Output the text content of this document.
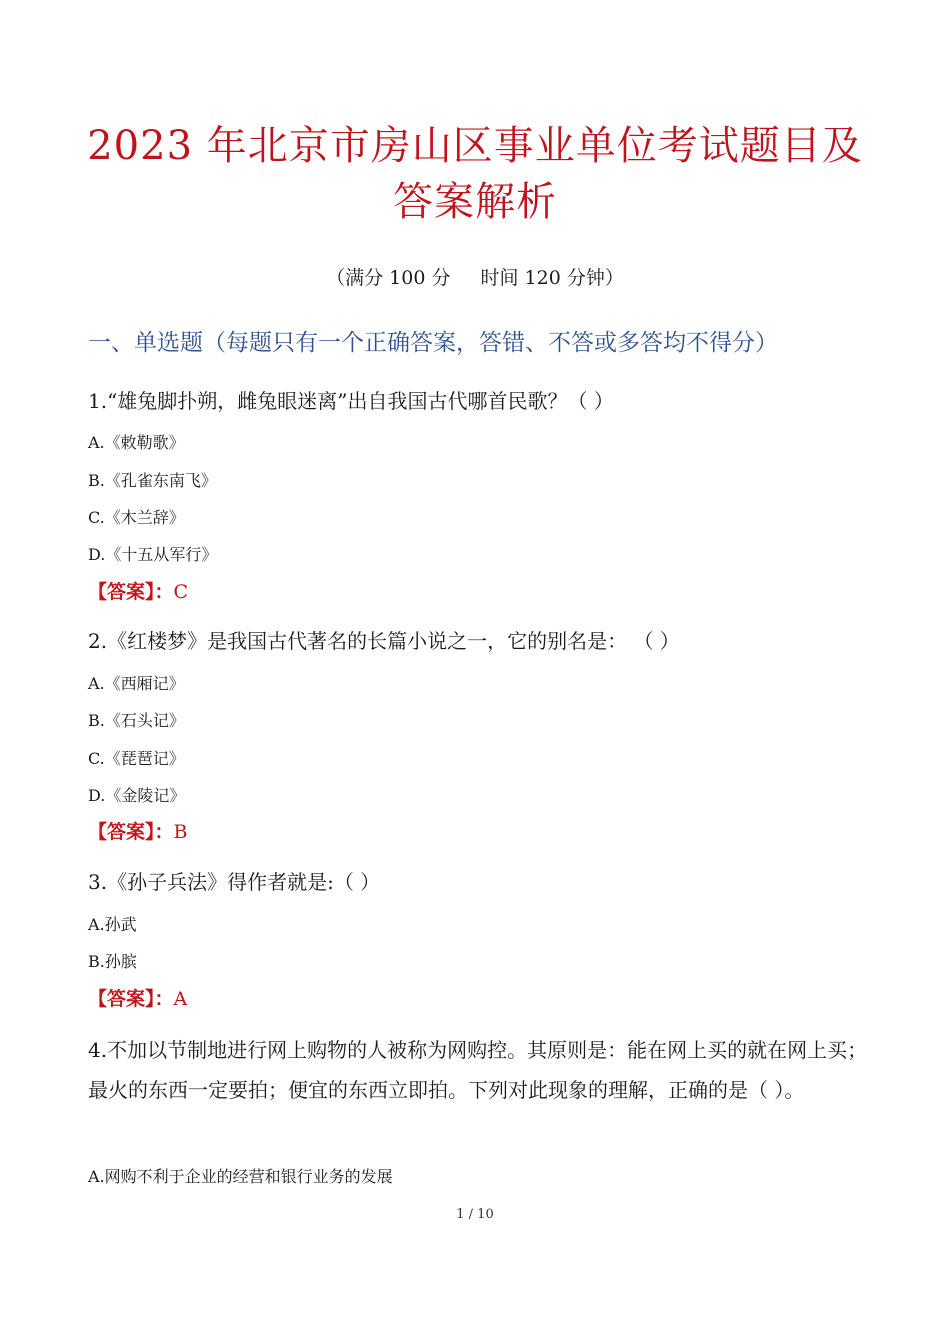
2023 年北京市房山区事业单位考试题目及
答案解析
（满分 100 分 时间 120 分钟）
一、单选题（每题只有一个正确答案，答错、不答或多答均不得分）
1.“雄兔脚扑朔，雌兔眼迷离”出自我国古代哪首民歌？（ ）
A.《敕勒歌》
B.《孔雀东南飞》
C.《木兰辞》
D.《十五从军行》
【答案】：C
2.《红楼梦》是我国古代著名的长篇小说之一，它的别名是： （ ）
A.《西厢记》
B.《石头记》
C.《琵琶记》
D.《金陵记》
【答案】：B
3.《孙子兵法》得作者就是:（ ）
A.孙武
B.孙膑
【答案】：A
4.不加以节制地进行网上购物的人被称为网购控。其原则是：能在网上买的就在网上买；最火的东西一定要拍；便宜的东西立即拍。下列对此现象的理解，正确的是（ ）。
A.网购不利于企业的经营和银行业务的发展
1 / 10
